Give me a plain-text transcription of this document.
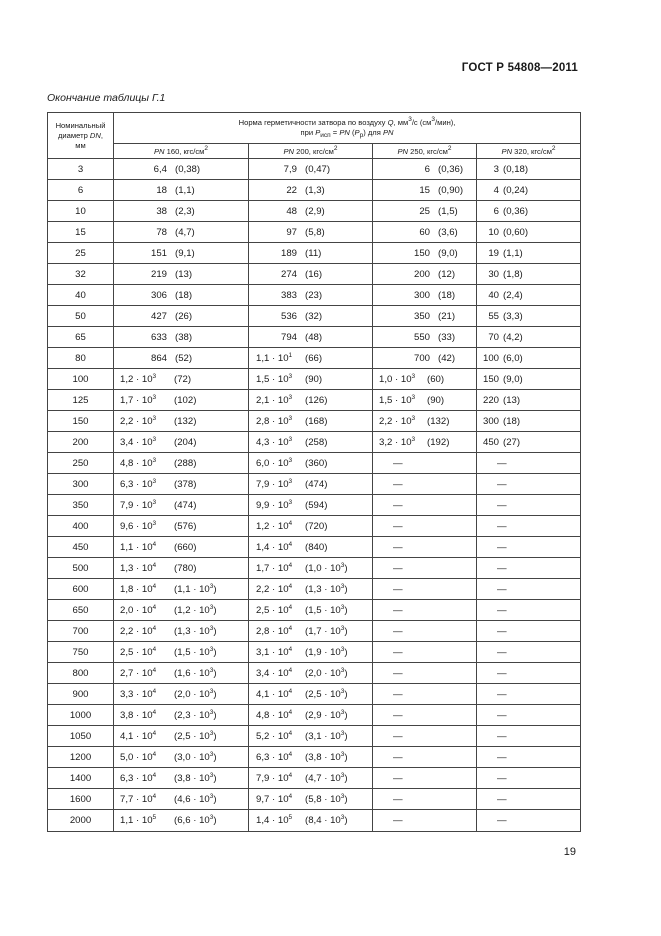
ГОСТ Р 54808—2011
Окончание таблицы Г.1
Номинальный
диаметр DN,
мм	Норма герметичности затвора по воздуху Q, $мм^3/с$ $(см^3/мин)$,
при $P_{исп}$ = PN $(P_р)$ для PN			
	PN 160, кгс/$см^2$	PN 200, кгс/$см^2$	PN 250, кгс/$см^2$	PN 320, кгс/$см^2$
3	6,4 (0,38)	7,9 (0,47)	6 (0,36)	3 (0,18)

6	18 (1,1)	22 (1,3)	15 (0,90)	4 (0,24)

10	38 (2,3)	48 (2,9)	25 (1,5)	6 (0,36)

15	78 (4,7)	97 (5,8)	60 (3,6)	10 (0,60)

25	151 (9,1)	189 (11)	150 (9,0)	19 (1,1)

32	219 (13)	274 (16)	200 (12)	30 (1,8)

40	306 (18)	383 (23)	300 (18)	40 (2,4)

50	427 (26)	536 (32)	350 (21)	55 (3,3)

65	633 (38)	794 (48)	550 (33)	70 (4,2)

80	864 (52)	$1,1 \cdot 10^1$ (66)	700 (42)	100 (6,0)

100	$1,2 \cdot 10^3$ (72)	$1,5 \cdot 10^3$ (90)	$1,0 \cdot 10^3$ (60)	150 (9,0)

125	$1,7 \cdot 10^3$ (102)	$2,1 \cdot 10^3$ (126)	$1,5 \cdot 10^3$ (90)	220 (13)

150	$2,2 \cdot 10^3$ (132)	$2,8 \cdot 10^3$ (168)	$2,2 \cdot 10^3$ (132)	300 (18)

200	$3,4 \cdot 10^3$ (204)	$4,3 \cdot 10^3$ (258)	$3,2 \cdot 10^3$ (192)	450 (27)

250	$4,8 \cdot 10^3$ (288)	$6,0 \cdot 10^3$ (360)	—	—

300	$6,3 \cdot 10^3$ (378)	$7,9 \cdot 10^3$ (474)	—	—

350	$7,9 \cdot 10^3$ (474)	$9,9 \cdot 10^3$ (594)	—	—

400	$9,6 \cdot 10^3$ (576)	$1,2 \cdot 10^4$ (720)	—	—

450	$1,1 \cdot 10^4$ (660)	$1,4 \cdot 10^4$ (840)	—	—

500	$1,3 \cdot 10^4$ (780)	$1,7 \cdot 10^4$ $(1,0 \cdot 10^3)$	—	—

600	$1,8 \cdot 10^4$ $(1,1 \cdot 10^3)$	$2,2 \cdot 10^4$ $(1,3 \cdot 10^3)$	—	—

650	$2,0 \cdot 10^4$ $(1,2 \cdot 10^3)$	$2,5 \cdot 10^4$ $(1,5 \cdot 10^3)$	—	—

700	$2,2 \cdot 10^4$ $(1,3 \cdot 10^3)$	$2,8 \cdot 10^4$ $(1,7 \cdot 10^3)$	—	—

750	$2,5 \cdot 10^4$ $(1,5 \cdot 10^3)$	$3,1 \cdot 10^4$ $(1,9 \cdot 10^3)$	—	—

800	$2,7 \cdot 10^4$ $(1,6 \cdot 10^3)$	$3,4 \cdot 10^4$ $(2,0 \cdot 10^3)$	—	—

900	$3,3 \cdot 10^4$ $(2,0 \cdot 10^3)$	$4,1 \cdot 10^4$ $(2,5 \cdot 10^3)$	—	—

1000	$3,8 \cdot 10^4$ $(2,3 \cdot 10^3)$	$4,8 \cdot 10^4$ $(2,9 \cdot 10^3)$	—	—

1050	$4,1 \cdot 10^4$ $(2,5 \cdot 10^3)$	$5,2 \cdot 10^4$ $(3,1 \cdot 10^3)$	—	—

1200	$5,0 \cdot 10^4$ $(3,0 \cdot 10^3)$	$6,3 \cdot 10^4$ $(3,8 \cdot 10^3)$	—	—

1400	$6,3 \cdot 10^4$ $(3,8 \cdot 10^3)$	$7,9 \cdot 10^4$ $(4,7 \cdot 10^3)$	—	—

1600	$7,7 \cdot 10^4$ $(4,6 \cdot 10^3)$	$9,7 \cdot 10^4$ $(5,8 \cdot 10^3)$	—	—

2000	$1,1 \cdot 10^5$ $(6,6 \cdot 10^3)$	$1,4 \cdot 10^5$ $(8,4 \cdot 10^3)$	—	—
19
